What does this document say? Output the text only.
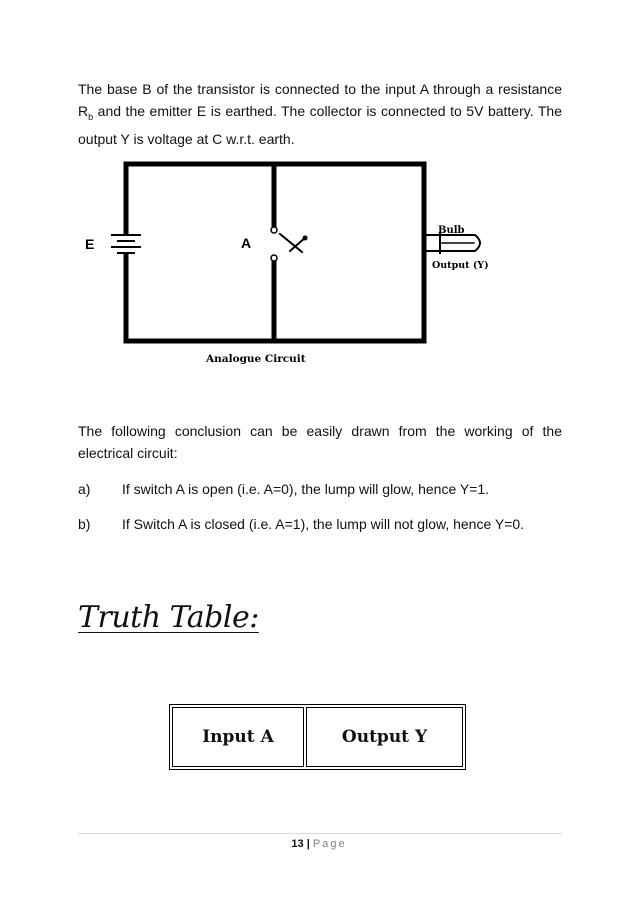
The base B of the transistor is connected to the input A through a resistance $R_b$ and the emitter E is earthed. The collector is connected to 5V battery. The output Y is voltage at C w.r.t. earth.

E	A
Bulb
Output (Y)
Analogue Circuit

The following conclusion can be easily drawn from the working of the electrical circuit:

a) If switch A is open (i.e. A=0), the lump will glow, hence Y=1.
b) If Switch A is closed (i.e. A=1), the lump will not glow, hence Y=0.
Truth Table:
Input A	Output Y
13 | Page
